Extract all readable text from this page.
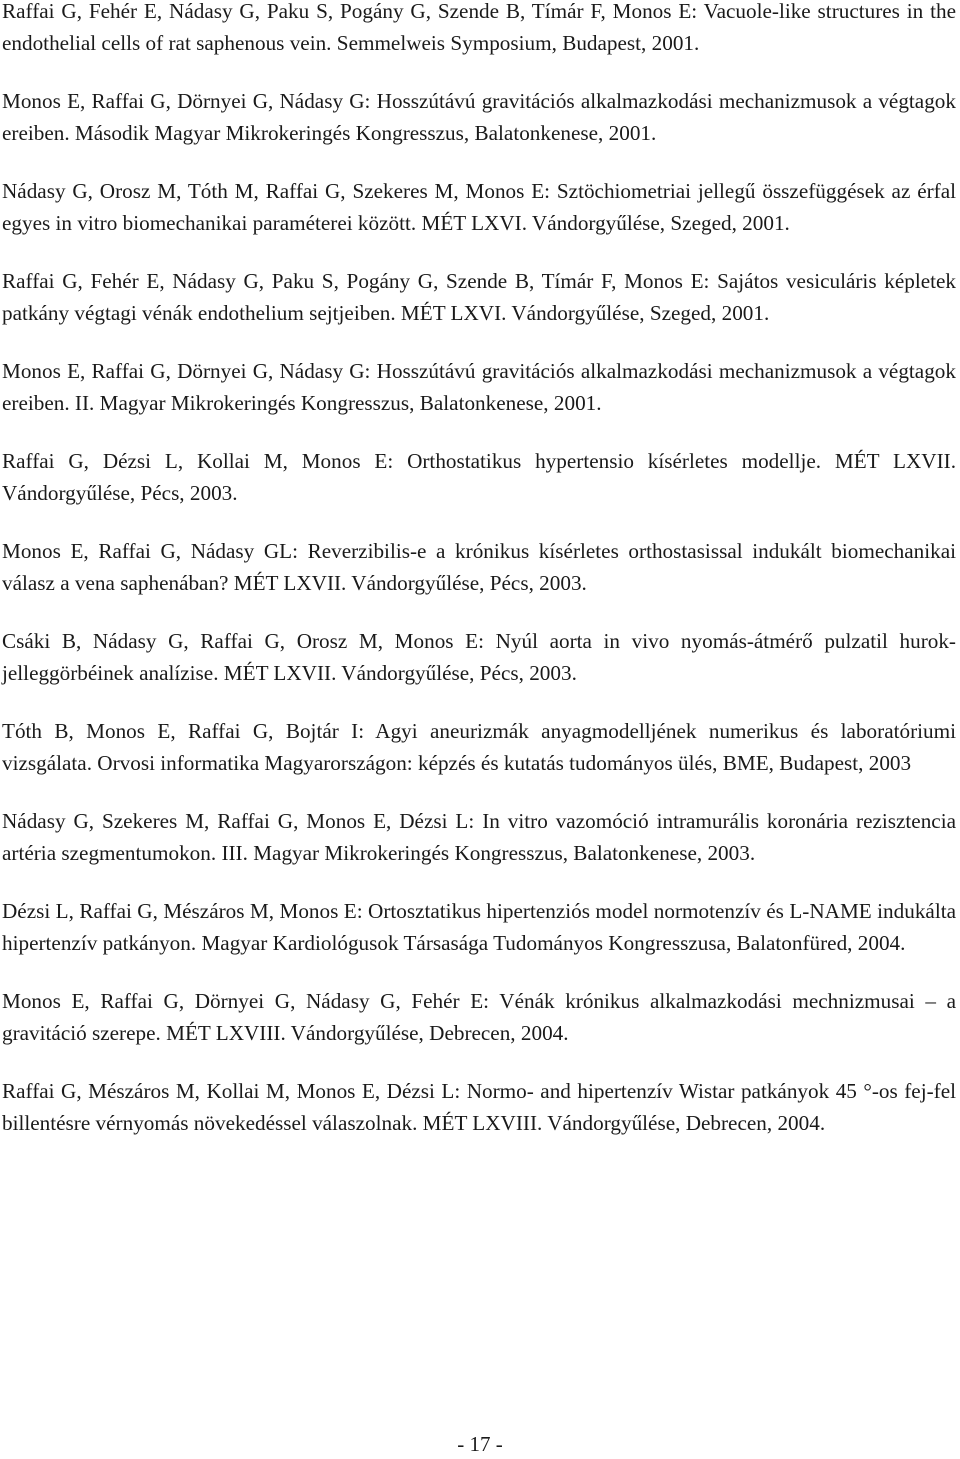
Raffai G, Fehér E, Nádasy G, Paku S, Pogány G, Szende B, Tímár F, Monos E: Vacuole-like structures in the endothelial cells of rat saphenous vein. Semmelweis Symposium, Budapest, 2001.

Monos E, Raffai G, Dörnyei G, Nádasy G: Hosszútávú gravitációs alkalmazkodási mechanizmusok a végtagok ereiben. Második Magyar Mikrokeringés Kongresszus, Balatonkenese, 2001.

Nádasy G, Orosz M, Tóth M, Raffai G, Szekeres M, Monos E: Sztöchiometriai jellegű összefüggések az érfal egyes in vitro biomechanikai paraméterei között. MÉT LXVI. Vándorgyűlése, Szeged, 2001.

Raffai G, Fehér E, Nádasy G, Paku S, Pogány G, Szende B, Tímár F, Monos E: Sajátos vesiculáris képletek patkány végtagi vénák endothelium sejtjeiben. MÉT LXVI. Vándorgyűlése, Szeged, 2001.

Monos E, Raffai G, Dörnyei G, Nádasy G: Hosszútávú gravitációs alkalmazkodási mechanizmusok a végtagok ereiben. II. Magyar Mikrokeringés Kongresszus, Balatonkenese, 2001.

Raffai G, Dézsi L, Kollai M, Monos E: Orthostatikus hypertensio kísérletes modellje. MÉT LXVII. Vándorgyűlése, Pécs, 2003.

Monos E, Raffai G, Nádasy GL: Reverzibilis-e a krónikus kísérletes orthostasissal indukált biomechanikai válasz a vena saphenában? MÉT LXVII. Vándorgyűlése, Pécs, 2003.

Csáki B, Nádasy G, Raffai G, Orosz M, Monos E: Nyúl aorta in vivo nyomás-átmérő pulzatil hurok-jelleggörbéinek analízise. MÉT LXVII. Vándorgyűlése, Pécs, 2003.

Tóth B, Monos E, Raffai G, Bojtár I: Agyi aneurizmák anyagmodelljének numerikus és laboratóriumi vizsgálata. Orvosi informatika Magyarországon: képzés és kutatás tudományos ülés, BME, Budapest, 2003

Nádasy G, Szekeres M, Raffai G, Monos E, Dézsi L: In vitro vazomóció intramurális koronária rezisztencia artéria szegmentumokon. III. Magyar Mikrokeringés Kongresszus, Balatonkenese, 2003.

Dézsi L, Raffai G, Mészáros M, Monos E: Ortosztatikus hipertenziós model normotenzív és L-NAME indukálta hipertenzív patkányon. Magyar Kardiológusok Társasága Tudományos Kongresszusa, Balatonfüred, 2004.

Monos E, Raffai G, Dörnyei G, Nádasy G, Fehér E: Vénák krónikus alkalmazkodási mechnizmusai – a gravitáció szerepe. MÉT LXVIII. Vándorgyűlése, Debrecen, 2004.

Raffai G, Mészáros M, Kollai M, Monos E, Dézsi L: Normo- and hipertenzív Wistar patkányok 45 °-os fej-fel billentésre vérnyomás növekedéssel válaszolnak. MÉT LXVIII. Vándorgyűlése, Debrecen, 2004.

- 17 -
